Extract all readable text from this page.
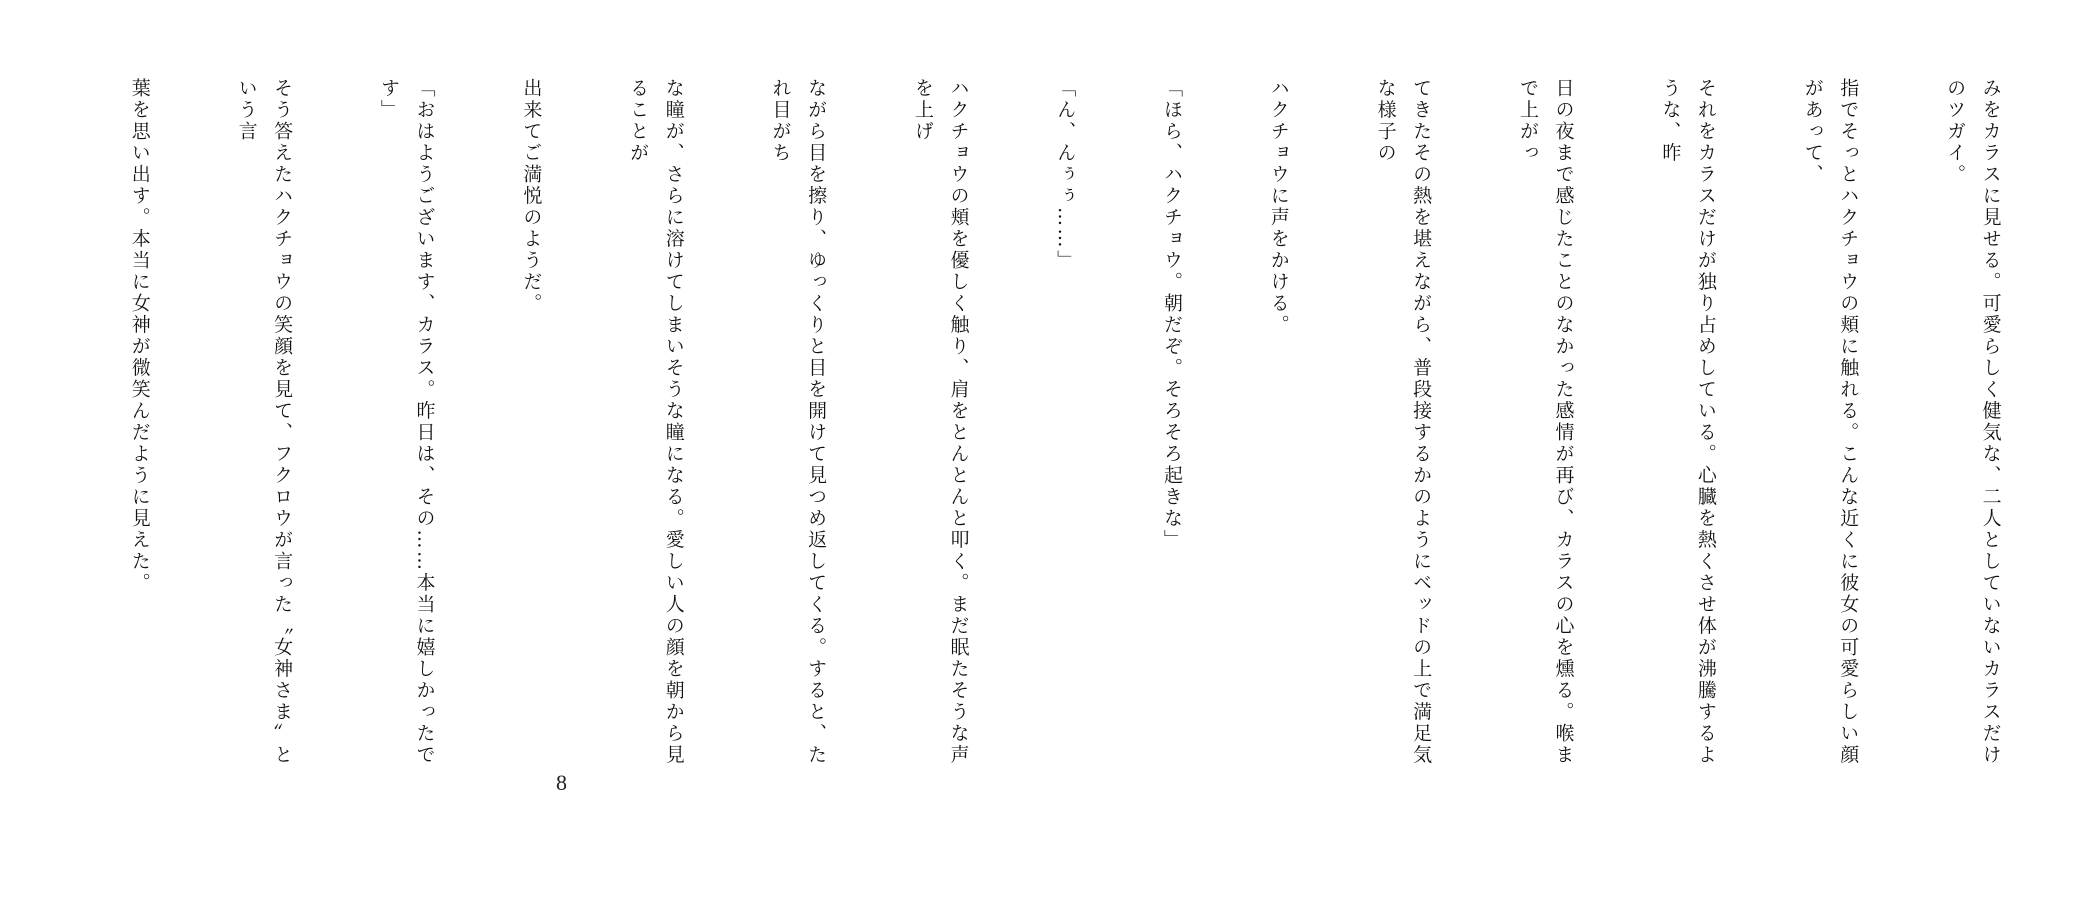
みをカラスに見せる。可愛らしく健気な、二人としていないカラスだけのツガイ。

指でそっとハクチョウの頬に触れる。こんな近くに彼女の可愛らしい顔があって、

それをカラスだけが独り占めしている。心臓を熱くさせ体が沸騰するような、昨

日の夜まで感じたことのなかった感情が再び、カラスの心を燻る。喉まで上がっ

てきたその熱を堪えながら、普段接するかのようにベッドの上で満足気な様子の

ハクチョウに声をかける。

「ほら、ハクチョウ。朝だぞ。そろそろ起きな」

「ん、んぅぅ……」

ハクチョウの頬を優しく触り、肩をとんとんと叩く。まだ眠たそうな声を上げ

ながら目を擦り、ゆっくりと目を開けて見つめ返してくる。すると、たれ目がち

な瞳が、さらに溶けてしまいそうな瞳になる。愛しい人の顔を朝から見ることが

出来てご満悦のようだ。

「おはようございます、カラス。昨日は、その……本当に嬉しかったです」

そう答えたハクチョウの笑顔を見て、フクロウが言った〝女神さま〟という言

葉を思い出す。本当に女神が微笑んだように見えた。

8
